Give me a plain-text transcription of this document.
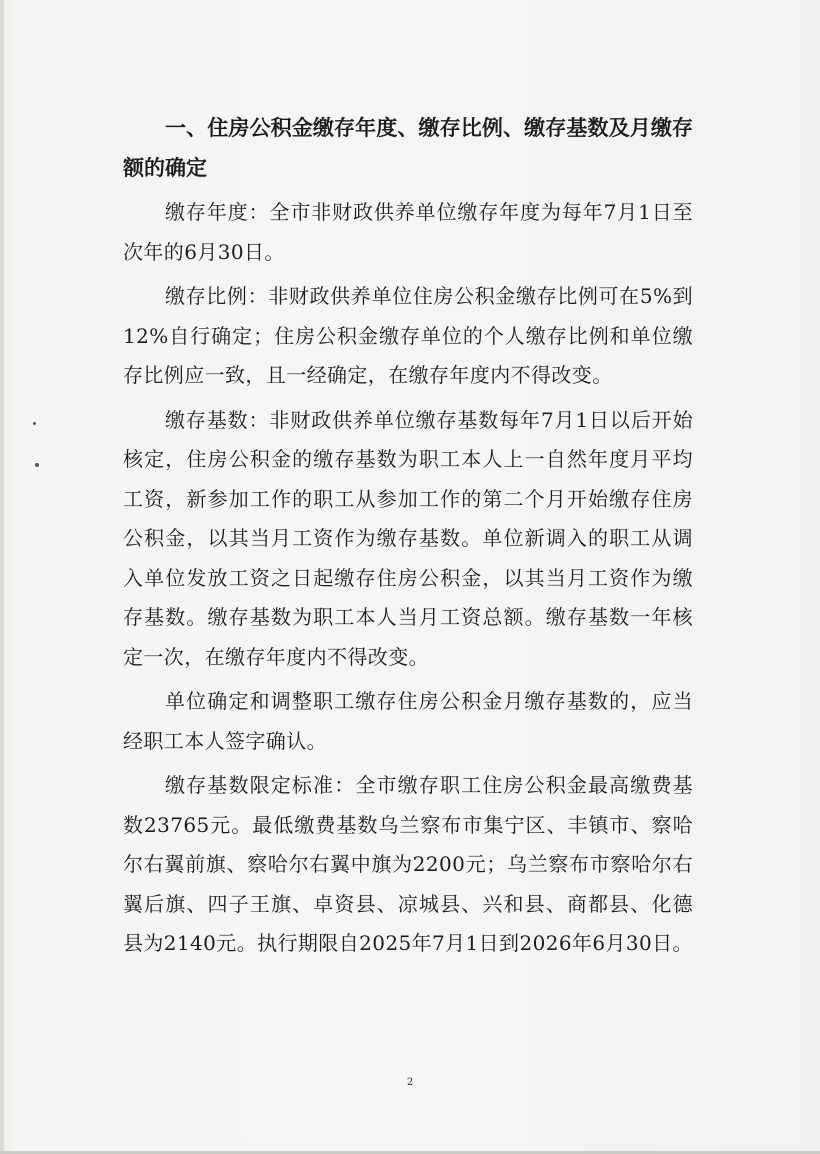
一、住房公积金缴存年度、缴存比例、缴存基数及月缴存额的确定

缴存年度：全市非财政供养单位缴存年度为每年7月1日至次年的6月30日。

缴存比例：非财政供养单位住房公积金缴存比例可在5%到12%自行确定；住房公积金缴存单位的个人缴存比例和单位缴存比例应一致，且一经确定，在缴存年度内不得改变。

缴存基数：非财政供养单位缴存基数每年7月1日以后开始核定，住房公积金的缴存基数为职工本人上一自然年度月平均工资，新参加工作的职工从参加工作的第二个月开始缴存住房公积金，以其当月工资作为缴存基数。单位新调入的职工从调入单位发放工资之日起缴存住房公积金，以其当月工资作为缴存基数。缴存基数为职工本人当月工资总额。缴存基数一年核定一次，在缴存年度内不得改变。

单位确定和调整职工缴存住房公积金月缴存基数的，应当经职工本人签字确认。

缴存基数限定标准：全市缴存职工住房公积金最高缴费基数23765元。最低缴费基数乌兰察布市集宁区、丰镇市、察哈尔右翼前旗、察哈尔右翼中旗为2200元；乌兰察布市察哈尔右翼后旗、四子王旗、卓资县、凉城县、兴和县、商都县、化德县为2140元。执行期限自2025年7月1日到2026年6月30日。

2
